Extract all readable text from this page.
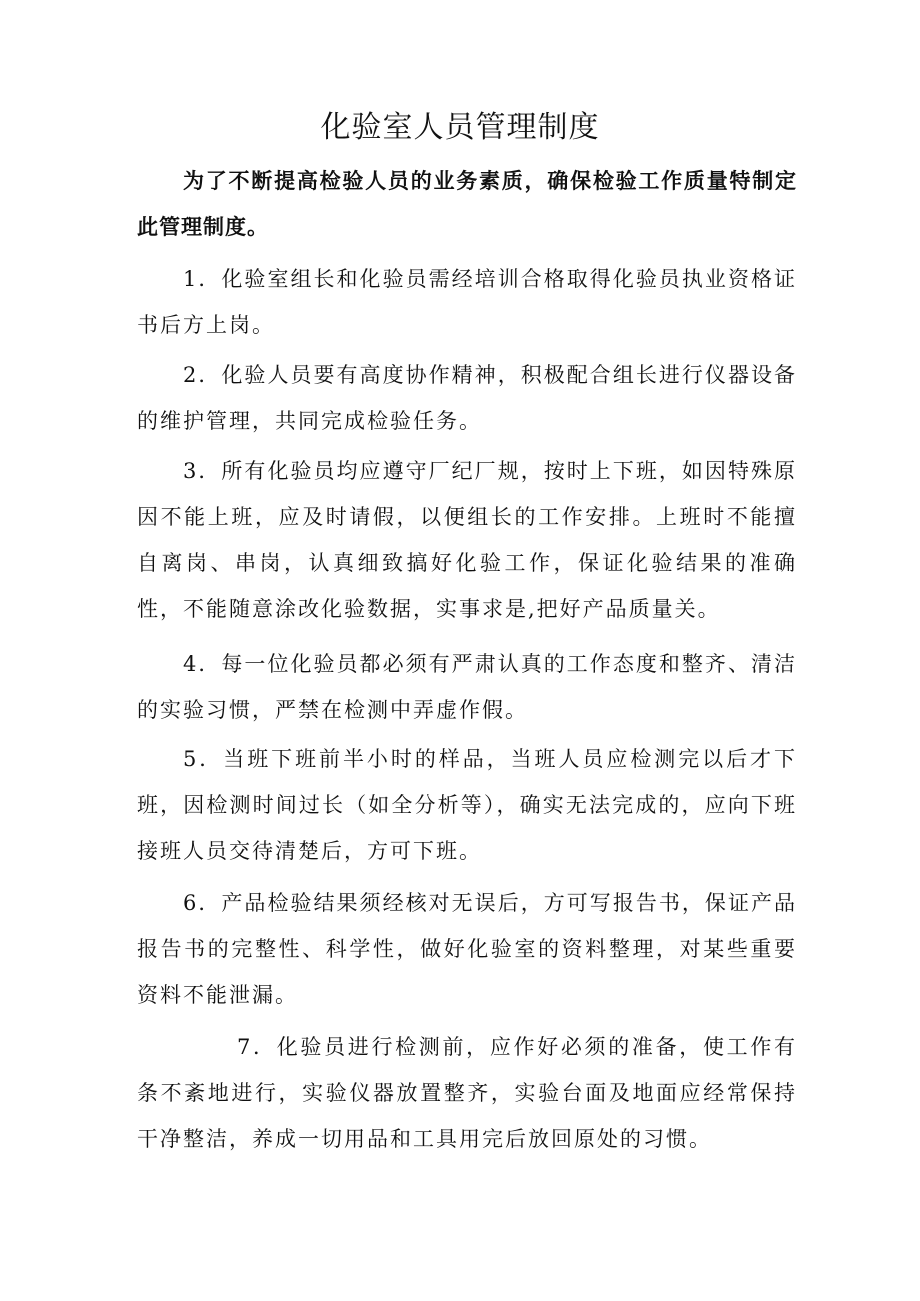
化验室人员管理制度

为了不断提高检验人员的业务素质，确保检验工作质量特制定此管理制度。

1．化验室组长和化验员需经培训合格取得化验员执业资格证书后方上岗。

2．化验人员要有高度协作精神，积极配合组长进行仪器设备的维护管理，共同完成检验任务。

3．所有化验员均应遵守厂纪厂规，按时上下班，如因特殊原因不能上班，应及时请假，以便组长的工作安排。上班时不能擅自离岗、串岗，认真细致搞好化验工作，保证化验结果的准确性，不能随意涂改化验数据，实事求是,把好产品质量关。

4．每一位化验员都必须有严肃认真的工作态度和整齐、清洁的实验习惯，严禁在检测中弄虚作假。

5．当班下班前半小时的样品，当班人员应检测完以后才下班，因检测时间过长（如全分析等），确实无法完成的，应向下班接班人员交待清楚后，方可下班。

6．产品检验结果须经核对无误后，方可写报告书，保证产品报告书的完整性、科学性，做好化验室的资料整理，对某些重要资料不能泄漏。

7．化验员进行检测前，应作好必须的准备，使工作有条不紊地进行，实验仪器放置整齐，实验台面及地面应经常保持干净整洁，养成一切用品和工具用完后放回原处的习惯。
